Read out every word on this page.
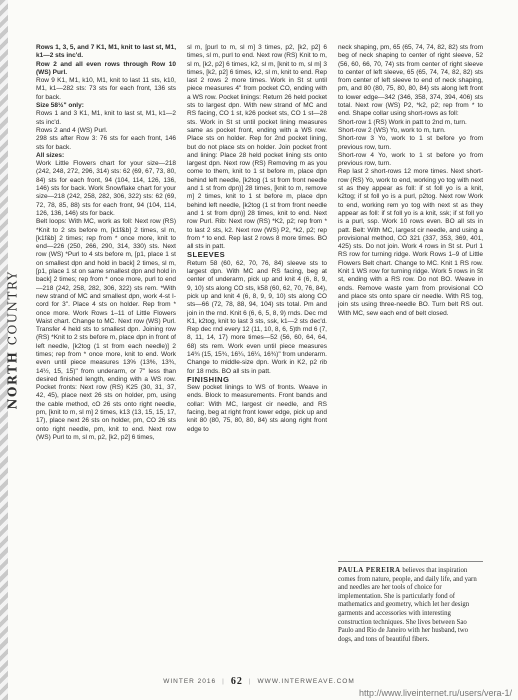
NORTH COUNTRY

Rows 1, 3, 5, and 7 K1, M1, knit to last st, M1, k1—2 sts inc'd.

Row 2 and all even rows through Row 10 (WS) Purl.

Row 9 K1, M1, k10, M1, knit to last 11 sts, k10, M1, k1—282 sts: 73 sts for each front, 136 sts for back.

Size 58½" only:

Rows 1 and 3 K1, M1, knit to last st, M1, k1—2 sts inc'd.

Rows 2 and 4 (WS) Purl.

298 sts after Row 3: 76 sts for each front, 146 sts for back.

All sizes:

Work Little Flowers chart for your size—218 (242, 248, 272, 296, 314) sts: 62 (69, 67, 73, 80, 84) sts for each front, 94 (104, 114, 126, 136, 146) sts for back. Work Snowflake chart for your size—218 (242, 258, 282, 306, 322) sts: 62 (69, 72, 78, 85, 88) sts for each front, 94 (104, 114, 126, 136, 146) sts for back.

Belt loops: With MC, work as foll: Next row (RS) *Knit to 2 sts before m, [k1f&b] 2 times, sl m, [k1f&b] 2 times; rep from * once more, knit to end—226 (250, 266, 290, 314, 330) sts. Next row (WS) *Purl to 4 sts before m, [p1, place 1 st on smallest dpn and hold in back] 2 times, sl m, [p1, place 1 st on same smallest dpn and hold in back] 2 times; rep from * once more, purl to end—218 (242, 258, 282, 306, 322) sts rem. *With new strand of MC and smallest dpn, work 4-st I-cord for 3". Place 4 sts on holder. Rep from * once more. Work Rows 1–11 of Little Flowers Waist chart. Change to MC. Next row (WS) Purl. Transfer 4 held sts to smallest dpn. Joining row (RS) *Knit to 2 sts before m, place dpn in front of left needle, [k2tog (1 st from each needle)] 2 times; rep from * once more, knit to end. Work even until piece measures 13% (13%, 13¾, 14½, 15, 15)" from underarm, or 7" less than desired finished length, ending with a WS row. Pocket fronts: Next row (RS) K25 (30, 31, 37, 42, 45), place next 26 sts on holder, pm, using the cable method, cO 26 sts onto right needle, pm, [knit to m, sl m] 2 times, k13 (13, 15, 15, 17, 17), place next 26 sts on holder, pm, CO 26 sts onto right needle, pm, knit to end. Next row (WS) Purl to m, sl m, p2, [k2, p2] 6 times,

sl m, [purl to m, sl m] 3 times, p2, [k2, p2] 6 times, sl m, purl to end. Next row (RS) Knit to m, sl m, [k2, p2] 6 times, k2, sl m, [knit to m, sl m] 3 times, [k2, p2] 6 times, k2, sl m, knit to end. Rep last 2 rows 2 more times. Work in St st until piece measures 4" from pocket CO, ending with a WS row. Pocket linings: Return 26 held pocket sts to largest dpn. With new strand of MC and RS facing, CO 1 st, k26 pocket sts, CO 1 st—28 sts. Work in St st until pocket lining measures same as pocket front, ending with a WS row. Place sts on holder. Rep for 2nd pocket lining, but do not place sts on holder. Join pocket front and lining: Place 28 held pocket lining sts onto largest dpn. Next row (RS) Removing m as you come to them, knit to 1 st before m, place dpn behind left needle, [k2tog (1 st from front needle and 1 st from dpn)] 28 times, [knit to m, remove m] 2 times, knit to 1 st before m, place dpn behind left needle, [k2tog (1 st from front needle and 1 st from dpn)] 28 times, knit to end. Next row Purl. Rib: Next row (RS) *K2, p2; rep from * to last 2 sts, k2. Next row (WS) P2, *k2, p2; rep from * to end. Rep last 2 rows 8 more times. BO all sts in patt.

SLEEVES

Return 58 (60, 62, 70, 76, 84) sleeve sts to largest dpn. With MC and RS facing, beg at center of underarm, pick up and knit 4 (6, 8, 9, 9, 10) sts along CO sts, k58 (60, 62, 70, 76, 84), pick up and knit 4 (6, 8, 9, 9, 10) sts along CO sts—66 (72, 78, 88, 94, 104) sts total. Pm and join in the rnd. Knit 6 (6, 6, 5, 8, 9) rnds. Dec rnd K1, k2tog, knit to last 3 sts, ssk, k1—2 sts dec'd. Rep dec rnd every 12 (11, 10, 8, 6, 5)th rnd 6 (7, 8, 11, 14, 17) more times—52 (56, 60, 64, 64, 68) sts rem. Work even until piece measures 14¾ (15, 15¾, 16¼, 16¼, 16¾)" from underarm. Change to middle-size dpn. Work in K2, p2 rib for 18 rnds. BO all sts in patt.

FINISHING

Sew pocket linings to WS of fronts. Weave in ends. Block to measurements. Front bands and collar: With MC, largest cir needle, and RS facing, beg at right front lower edge, pick up and knit 80 (80, 75, 80, 80, 84) sts along right front edge to

neck shaping, pm, 65 (65, 74, 74, 82, 82) sts from beg of neck shaping to center of right sleeve, 52 (56, 60, 66, 70, 74) sts from center of right sleeve to center of left sleeve, 65 (65, 74, 74, 82, 82) sts from center of left sleeve to end of neck shaping, pm, and 80 (80, 75, 80, 80, 84) sts along left front to lower edge—342 (346, 358, 374, 394, 406) sts total. Next row (WS) P2, *k2, p2; rep from * to end. Shape collar using short-rows as foll:

Short-row 1 (RS) Work in patt to 2nd m, turn.

Short-row 2 (WS) Yo, work to m, turn.

Short-row 3 Yo, work to 1 st before yo from previous row, turn.

Short-row 4 Yo, work to 1 st before yo from previous row, turn.

Rep last 2 short-rows 12 more times. Next short-row (RS) Yo, work to end, working yo tog with next st as they appear as foll: if st foll yo is a knit, k2tog; if st foll yo is a purl, p2tog. Next row Work to end, working rem yo tog with next st as they appear as foll: if st foll yo is a knit, ssk; if st foll yo is a purl, ssp. Work 10 rows even. BO all sts in patt. Belt: With MC, largest cir needle, and using a provisional method, CO 321 (337, 353, 369, 401, 425) sts. Do not join. Work 4 rows in St st. Purl 1 RS row for turning ridge. Work Rows 1–9 of Little Flowers Belt chart. Change to MC. Knit 1 RS row. Knit 1 WS row for turning ridge. Work 5 rows in St st, ending with a RS row. Do not BO. Weave in ends. Remove waste yarn from provisional CO and place sts onto spare cir needle. With RS tog, join sts using three-needle BO. Turn belt RS out. With MC, sew each end of belt closed.

PAULA PEREIRA believes that inspiration comes from nature, people, and daily life, and yarn and needles are her tools of choice for implementation. She is particularly fond of mathematics and geometry, which let her design garments and accessories with interesting construction techniques. She lives between Sao Paulo and Rio de Janeiro with her husband, two dogs, and tons of beautiful fibers.
WINTER 2016 | 62 | WWW.INTERWEAVE.COM
http://www.liveinternet.ru/users/vera-1/
